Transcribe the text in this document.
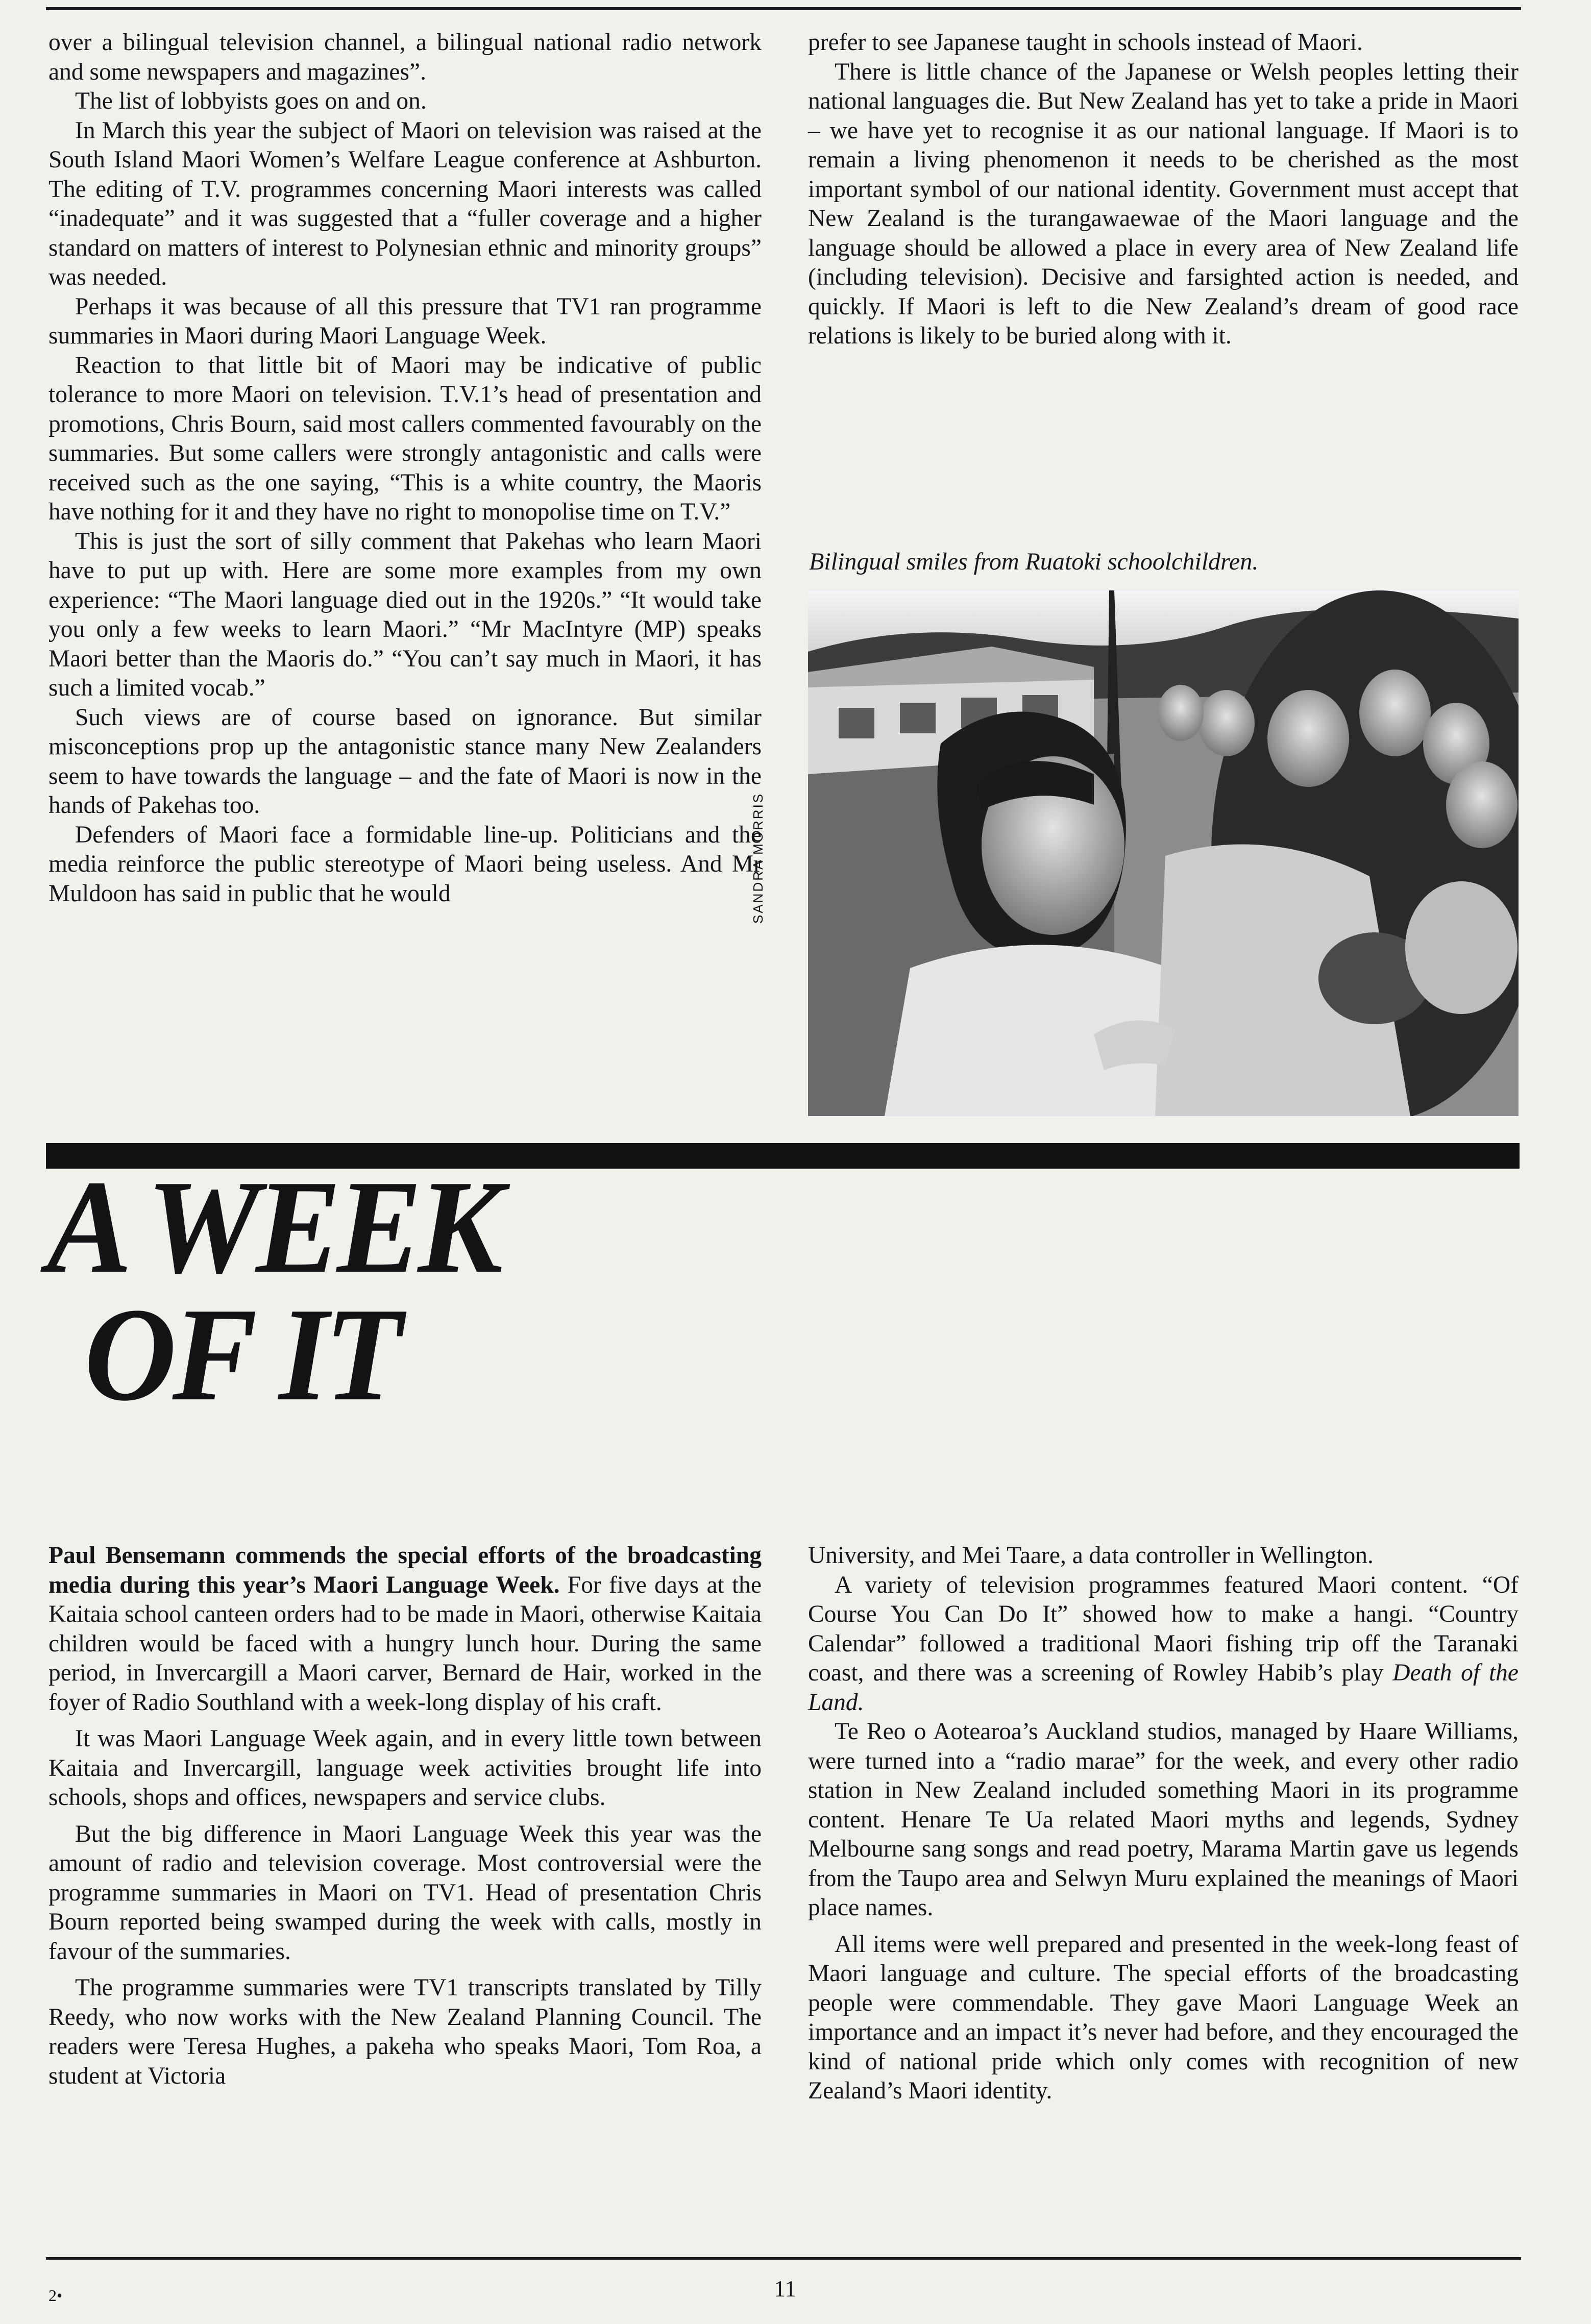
over a bilingual television channel, a bilingual national radio network and some newspapers and magazines”.

The list of lobbyists goes on and on.

In March this year the subject of Maori on television was raised at the South Island Maori Women’s Welfare League conference at Ashburton. The editing of T.V. programmes concerning Maori interests was called “inadequate” and it was suggested that a “fuller coverage and a higher standard on matters of interest to Polynesian ethnic and minority groups” was needed.

Perhaps it was because of all this pressure that TV1 ran programme summaries in Maori during Maori Language Week.

Reaction to that little bit of Maori may be indicative of public tolerance to more Maori on television. T.V.1’s head of presentation and promotions, Chris Bourn, said most callers commented favourably on the summaries. But some callers were strongly antagonistic and calls were received such as the one saying, “This is a white country, the Maoris have nothing for it and they have no right to monopolise time on T.V.”

This is just the sort of silly comment that Pakehas who learn Maori have to put up with. Here are some more examples from my own experience: “The Maori language died out in the 1920s.” “It would take you only a few weeks to learn Maori.” “Mr MacIntyre (MP) speaks Maori better than the Maoris do.” “You can’t say much in Maori, it has such a limited vocab.”

Such views are of course based on ignorance. But similar misconceptions prop up the antagonistic stance many New Zealanders seem to have towards the language – and the fate of Maori is now in the hands of Pakehas too.

Defenders of Maori face a formidable line-up. Politicians and the media reinforce the public stereotype of Maori being useless. And Mr Muldoon has said in public that he would

prefer to see Japanese taught in schools instead of Maori.

There is little chance of the Japanese or Welsh peoples letting their national languages die. But New Zealand has yet to take a pride in Maori – we have yet to recognise it as our national language. If Maori is to remain a living phenomenon it needs to be cherished as the most important symbol of our national identity. Government must accept that New Zealand is the turangawaewae of the Maori language and the language should be allowed a place in every area of New Zealand life (including television). Decisive and farsighted action is needed, and quickly. If Maori is left to die New Zealand’s dream of good race relations is likely to be buried along with it.

Bilingual smiles from Ruatoki schoolchildren.
SANDRA MORRIS
A WEEK
OF IT

Paul Bensemann commends the special efforts of the broadcasting media during this year’s Maori Language Week. For five days at the Kaitaia school canteen orders had to be made in Maori, otherwise Kaitaia children would be faced with a hungry lunch hour. During the same period, in Invercargill a Maori carver, Bernard de Hair, worked in the foyer of Radio Southland with a week-long display of his craft.

It was Maori Language Week again, and in every little town between Kaitaia and Invercargill, language week activities brought life into schools, shops and offices, newspapers and service clubs.

But the big difference in Maori Language Week this year was the amount of radio and television coverage. Most controversial were the programme summaries in Maori on TV1. Head of presentation Chris Bourn reported being swamped during the week with calls, mostly in favour of the summaries.

The programme summaries were TV1 transcripts translated by Tilly Reedy, who now works with the New Zealand Planning Council. The readers were Teresa Hughes, a pakeha who speaks Maori, Tom Roa, a student at Victoria

University, and Mei Taare, a data controller in Wellington.

A variety of television programmes featured Maori content. “Of Course You Can Do It” showed how to make a hangi. “Country Calendar” followed a traditional Maori fishing trip off the Taranaki coast, and there was a screening of Rowley Habib’s play Death of the Land.

Te Reo o Aotearoa’s Auckland studios, managed by Haare Williams, were turned into a “radio marae” for the week, and every other radio station in New Zealand included something Maori in its programme content. Henare Te Ua related Maori myths and legends, Sydney Melbourne sang songs and read poetry, Marama Martin gave us legends from the Taupo area and Selwyn Muru explained the meanings of Maori place names.

All items were well prepared and presented in the week-long feast of Maori language and culture. The special efforts of the broadcasting people were commendable. They gave Maori Language Week an importance and an impact it’s never had before, and they encouraged the kind of national pride which only comes with recognition of new Zealand’s Maori identity.

11
2•
